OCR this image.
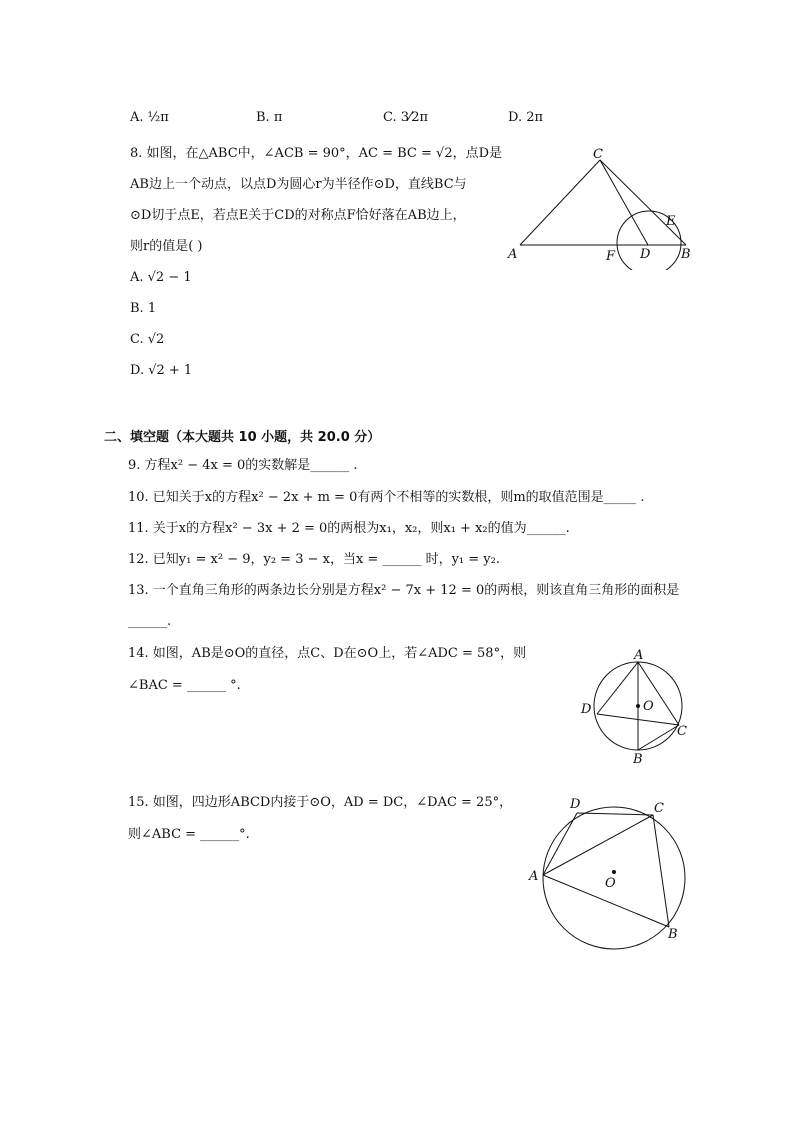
A. ½π	B. π	C. 3⁄2π	D. 2π
8. 如图，在△ABC中，∠ACB = 90°，AC = BC = √2，点D是
AB边上一个动点，以点D为圆心r为半径作⊙D，直线BC与
⊙D切于点E，若点E关于CD的对称点F恰好落在AB边上，
则r的值是( )
A. √2 − 1
B. 1
C. √2
D. √2 + 1
C
A	F D B
E
二、填空题（本大题共 10 小题，共 20.0 分）
9. 方程x² − 4x = 0的实数解是______ .
10. 已知关于x的方程x² − 2x + m = 0有两个不相等的实数根，则m的取值范围是_____ .
11. 关于x的方程x² − 3x + 2 = 0的两根为x₁，x₂，则x₁ + x₂的值为______.
12. 已知y₁ = x² − 9，y₂ = 3 − x，当x = ______ 时，y₁ = y₂.
13. 一个直角三角形的两条边长分别是方程x² − 7x + 12 = 0的两根，则该直角三角形的面积是
______.
14. 如图，AB是⊙O的直径，点C、D在⊙O上，若∠ADC = 58°，则
∠BAC = ______ °.
A
D	O
C
B
15. 如图，四边形ABCD内接于⊙O，AD = DC，∠DAC = 25°，
则∠ABC = ______°.
D	C
A	O
B
